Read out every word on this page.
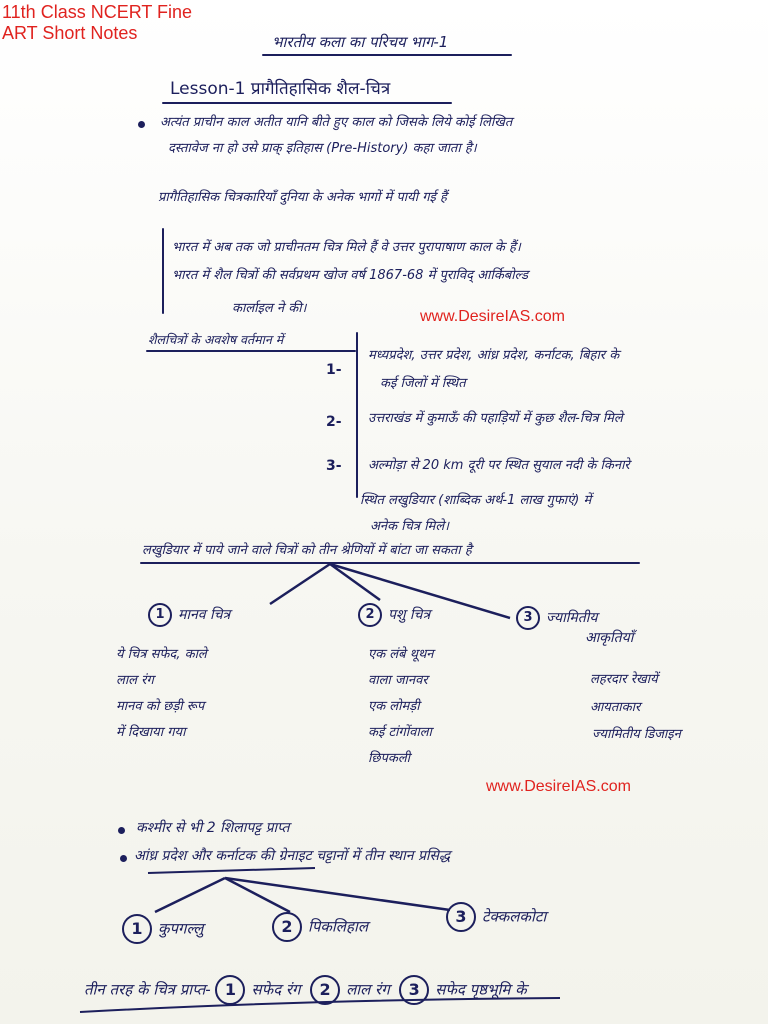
11th Class NCERT Fine
ART Short Notes	भारतीय कला का परिचय भाग-1
Lesson-1 प्रागैतिहासिक शैल-चित्र
अत्यंत प्राचीन काल अतीत यानि बीते हुए काल को जिसके लिये कोई लिखित
दस्तावेज ना हो उसे प्राक् इतिहास (Pre-History) कहा जाता है।
प्रागैतिहासिक चित्रकारियाँ दुनिया के अनेक भागों में पायी गई हैं
भारत में अब तक जो प्राचीनतम चित्र मिले हैं वे उत्तर पुरापाषाण काल के हैं।
भारत में शैल चित्रों की सर्वप्रथम खोज वर्ष 1867-68 में पुराविद् आर्किबोल्ड
कार्लाइल ने की।	www.DesireIAS.com
शैलचित्रों के अवशेष वर्तमान में
1-
मध्यप्रदेश, उत्तर प्रदेश, आंध्र प्रदेश, कर्नाटक, बिहार के
कई जिलों में स्थित
2- उत्तराखंड में कुमाऊँ की पहाड़ियों में कुछ शैल-चित्र मिले
3- अल्मोड़ा से 20 km दूरी पर स्थित सुयाल नदी के किनारे
स्थित लखुडियार (शाब्दिक अर्थ-1 लाख गुफाएं) में
अनेक चित्र मिले।
लखुडियार में पाये जाने वाले चित्रों को तीन श्रेणियों में बांटा जा सकता है
1 मानव चित्र
ये चित्र सफेद, काले
लाल रंग
मानव को छड़ी रूप
में दिखाया गया
2 पशु चित्र
एक लंबे थूथन
वाला जानवर
एक लोमड़ी
कई टांगोंवाला
छिपकली
3 ज्यामितीय
आकृतियाँ
लहरदार रेखायें
आयताकार
ज्यामितीय डिजाइन
www.DesireIAS.com
कश्मीर से भी 2 शिलापट्ट प्राप्त
आंध्र प्रदेश और कर्नाटक की ग्रेनाइट चट्टानों में तीन स्थान प्रसिद्ध
1 कुपगल्लु	2 पिकलिहाल
3 टेक्कलकोटा
तीन तरह के चित्र प्राप्त- 1 सफेद रंग 2 लाल रंग 3 सफेद पृष्ठभूमि के
